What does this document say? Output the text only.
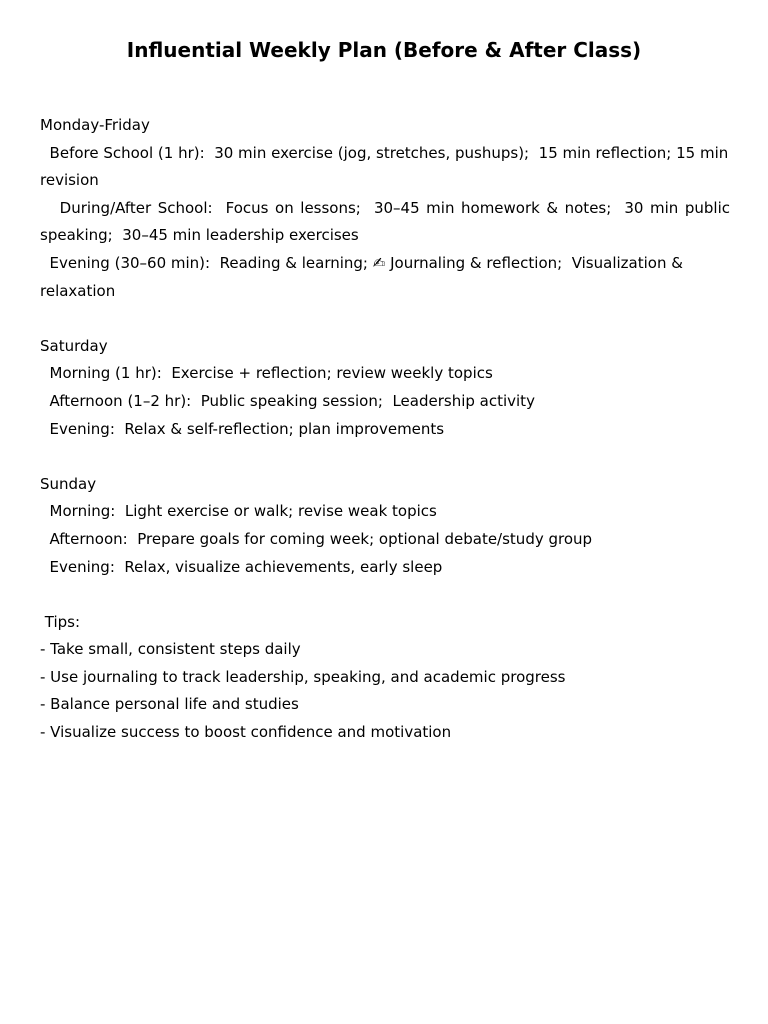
Influential Weekly Plan (Before & After Class)

Monday-Friday

Before School (1 hr):  30 min exercise (jog, stretches, pushups);  15 min reflection; 15 min revision

During/After School:  Focus on lessons;  30–45 min homework & notes;  30 min public speaking;  30–45 min leadership exercises

Evening (30–60 min):  Reading & learning; ✍ Journaling & reflection;  Visualization & relaxation

Saturday

Morning (1 hr):  Exercise + reflection; review weekly topics

Afternoon (1–2 hr):  Public speaking session;  Leadership activity

Evening:  Relax & self-reflection; plan improvements

Sunday

Morning:  Light exercise or walk; revise weak topics

Afternoon:  Prepare goals for coming week; optional debate/study group

Evening:  Relax, visualize achievements, early sleep

Tips:

- Take small, consistent steps daily

- Use journaling to track leadership, speaking, and academic progress

- Balance personal life and studies

- Visualize success to boost confidence and motivation
